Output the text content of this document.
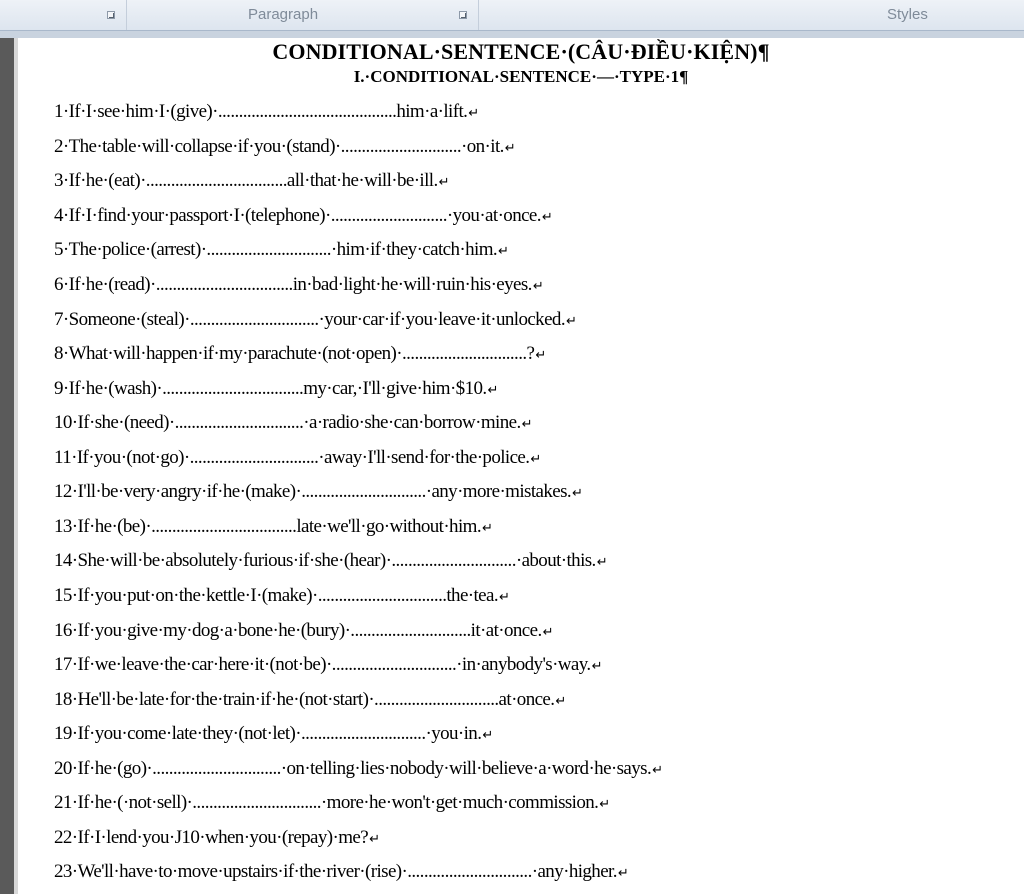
Paragraph	Styles
CONDITIONAL·SENTENCE·(CÂU·ĐIỀU·KIỆN)¶
I.·CONDITIONAL·SENTENCE·—·TYPE·1¶
1·If·I·see·him·I·(give)·...........................................him·a·lift.↵
2·The·table·will·collapse·if·you·(stand)·.............................·on·it.↵
3·If·he·(eat)·..................................all·that·he·will·be·ill.↵
4·If·I·find·your·passport·I·(telephone)·............................·you·at·once.↵
5·The·police·(arrest)·..............................·him·if·they·catch·him.↵
6·If·he·(read)·.................................in·bad·light·he·will·ruin·his·eyes.↵
7·Someone·(steal)·...............................·your·car·if·you·leave·it·unlocked.↵
8·What·will·happen·if·my·parachute·(not·open)·..............................?↵
9·If·he·(wash)·..................................my·car,·I'll·give·him·$10.↵
10·If·she·(need)·...............................·a·radio·she·can·borrow·mine.↵
11·If·you·(not·go)·...............................·away·I'll·send·for·the·police.↵
12·I'll·be·very·angry·if·he·(make)·..............................·any·more·mistakes.↵
13·If·he·(be)·...................................late·we'll·go·without·him.↵
14·She·will·be·absolutely·furious·if·she·(hear)·..............................·about·this.↵
15·If·you·put·on·the·kettle·I·(make)·...............................the·tea.↵
16·If·you·give·my·dog·a·bone·he·(bury)·.............................it·at·once.↵
17·If·we·leave·the·car·here·it·(not·be)·..............................·in·anybody's·way.↵
18·He'll·be·late·for·the·train·if·he·(not·start)·..............................at·once.↵
19·If·you·come·late·they·(not·let)·..............................·you·in.↵
20·If·he·(go)·...............................·on·telling·lies·nobody·will·believe·a·word·he·says.↵
21·If·he·(·not·sell)·...............................·more·he·won't·get·much·commission.↵
22·If·I·lend·you·J10·when·you·(repay)·me?↵
23·We'll·have·to·move·upstairs·if·the·river·(rise)·..............................·any·higher.↵
